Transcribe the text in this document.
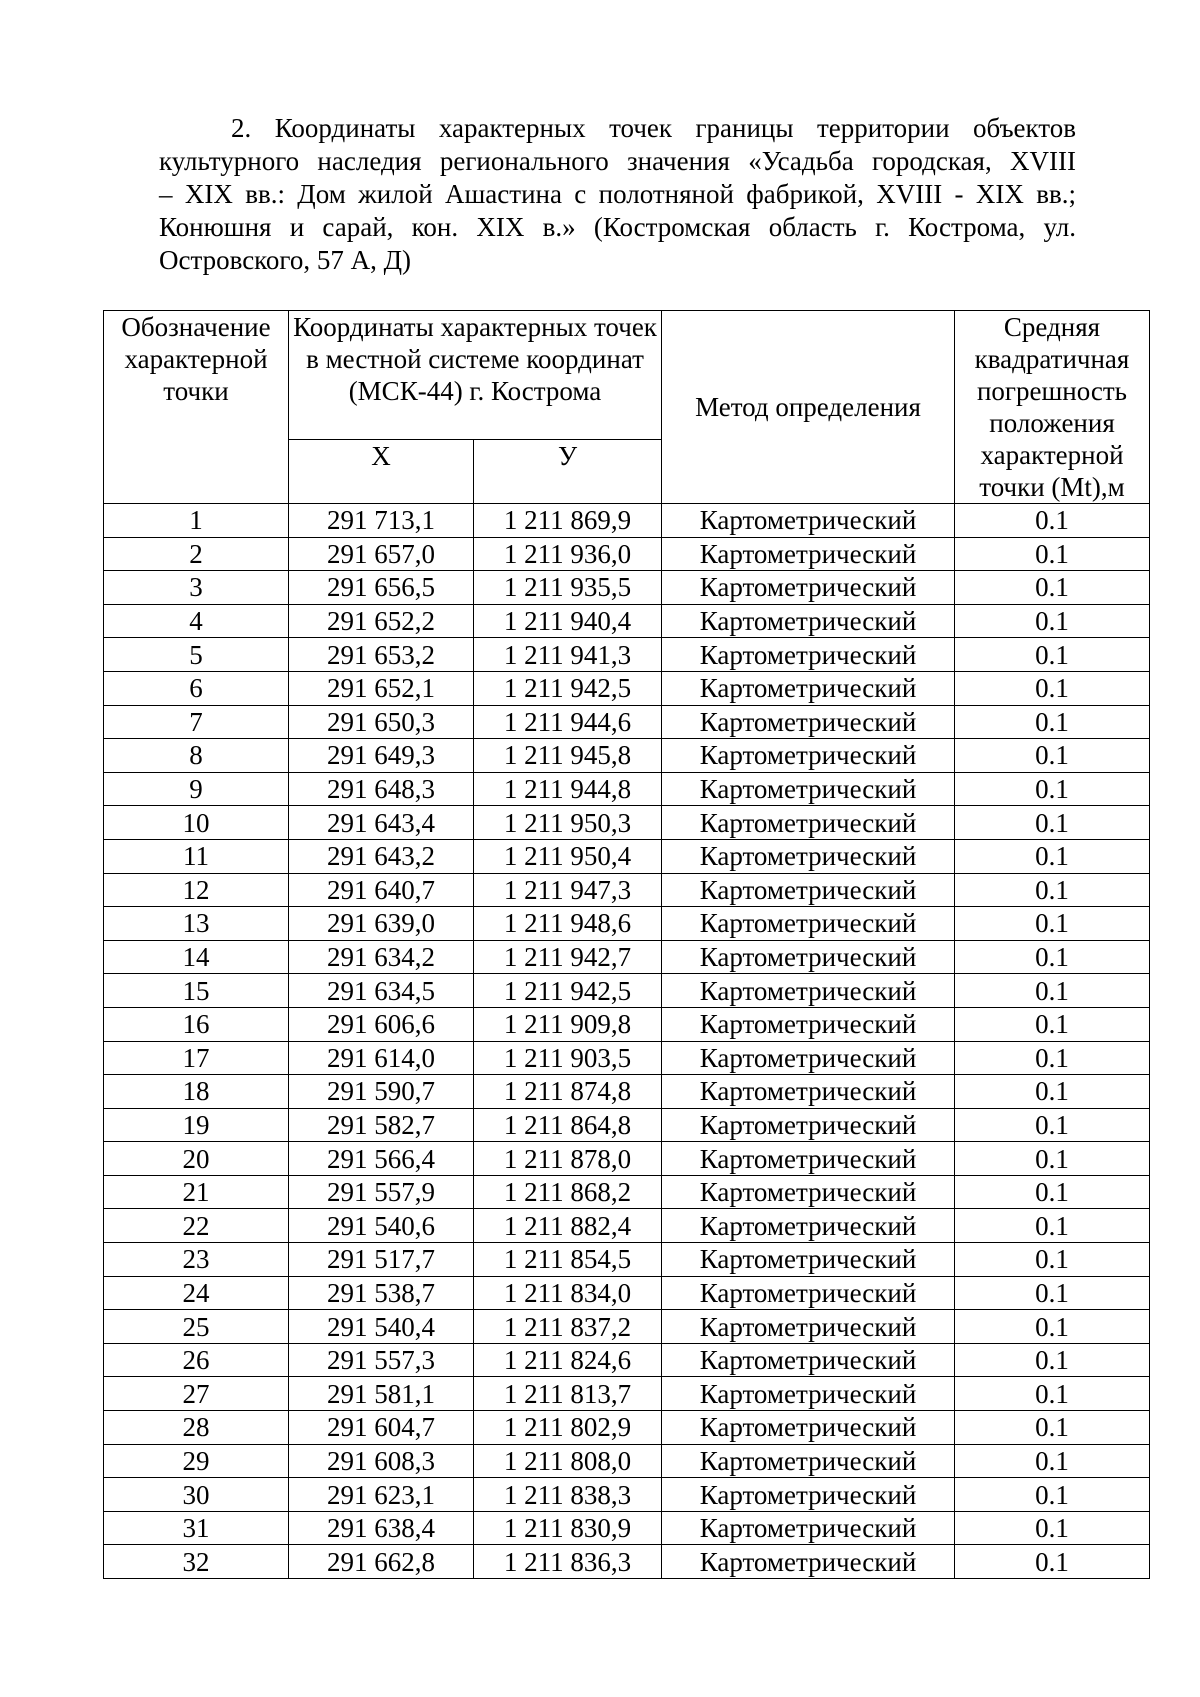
2. Координаты характерных точек границы территории объектов
культурного наследия регионального значения «Усадьба городская, XVIII
– XIX вв.: Дом жилой Ашастина с полотняной фабрикой, XVIII - XIX вв.;
Конюшня и сарай, кон. XIX в.» (Костромская область г. Кострома, ул.
Островского, 57 А, Д)
Обозначение характерной точки	Координаты характерных точек в местной системе координат (МСК-44) г. Кострома		Метод определения	Средняя квадратичная погрешность положения характерной точки (Mt),м
	X	У		
1	291 713,1	1 211 869,9	Картометрический	0.1
2	291 657,0	1 211 936,0	Картометрический	0.1
3	291 656,5	1 211 935,5	Картометрический	0.1
4	291 652,2	1 211 940,4	Картометрический	0.1
5	291 653,2	1 211 941,3	Картометрический	0.1
6	291 652,1	1 211 942,5	Картометрический	0.1
7	291 650,3	1 211 944,6	Картометрический	0.1
8	291 649,3	1 211 945,8	Картометрический	0.1
9	291 648,3	1 211 944,8	Картометрический	0.1
10	291 643,4	1 211 950,3	Картометрический	0.1
11	291 643,2	1 211 950,4	Картометрический	0.1
12	291 640,7	1 211 947,3	Картометрический	0.1
13	291 639,0	1 211 948,6	Картометрический	0.1
14	291 634,2	1 211 942,7	Картометрический	0.1
15	291 634,5	1 211 942,5	Картометрический	0.1
16	291 606,6	1 211 909,8	Картометрический	0.1
17	291 614,0	1 211 903,5	Картометрический	0.1
18	291 590,7	1 211 874,8	Картометрический	0.1
19	291 582,7	1 211 864,8	Картометрический	0.1
20	291 566,4	1 211 878,0	Картометрический	0.1
21	291 557,9	1 211 868,2	Картометрический	0.1
22	291 540,6	1 211 882,4	Картометрический	0.1
23	291 517,7	1 211 854,5	Картометрический	0.1
24	291 538,7	1 211 834,0	Картометрический	0.1
25	291 540,4	1 211 837,2	Картометрический	0.1
26	291 557,3	1 211 824,6	Картометрический	0.1
27	291 581,1	1 211 813,7	Картометрический	0.1
28	291 604,7	1 211 802,9	Картометрический	0.1
29	291 608,3	1 211 808,0	Картометрический	0.1
30	291 623,1	1 211 838,3	Картометрический	0.1
31	291 638,4	1 211 830,9	Картометрический	0.1
32	291 662,8	1 211 836,3	Картометрический	0.1
